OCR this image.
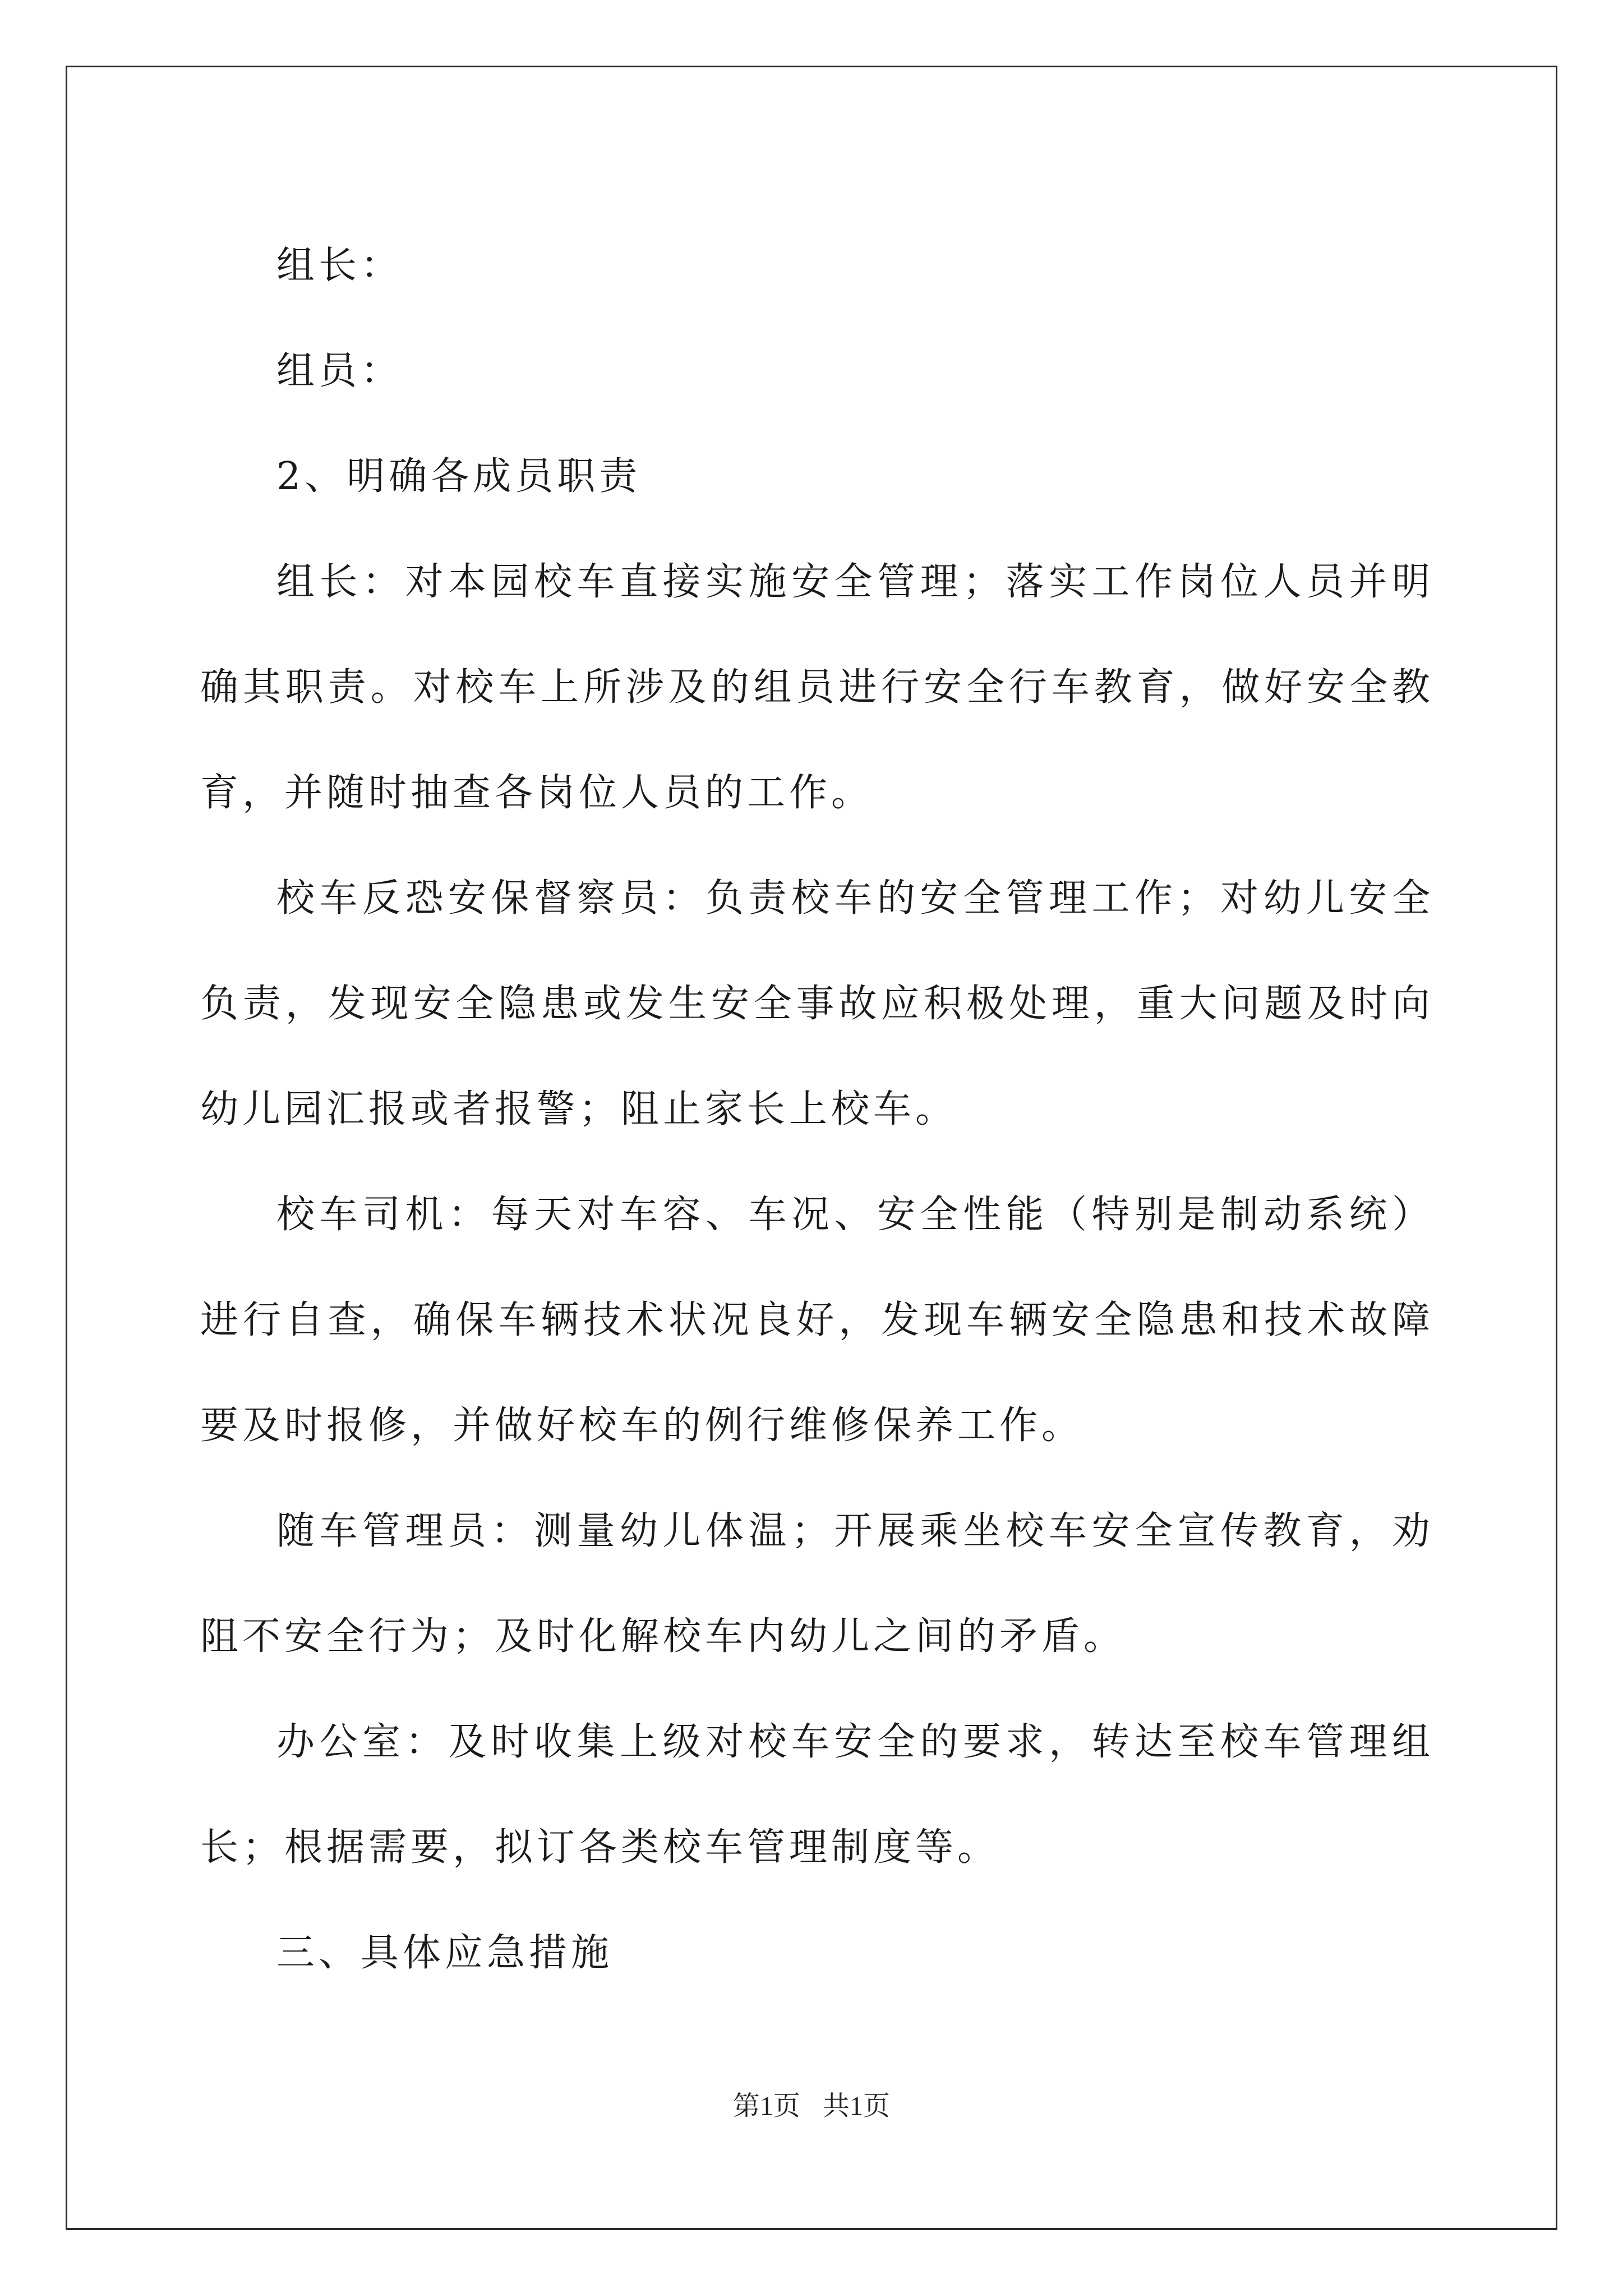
组长：

组员：

2、明确各成员职责

组长：对本园校车直接实施安全管理；落实工作岗位人员并明确其职责。对校车上所涉及的组员进行安全行车教育，做好安全教育，并随时抽查各岗位人员的工作。

校车反恐安保督察员：负责校车的安全管理工作；对幼儿安全负责，发现安全隐患或发生安全事故应积极处理，重大问题及时向幼儿园汇报或者报警；阻止家长上校车。

校车司机：每天对车容、车况、安全性能（特别是制动系统）进行自查，确保车辆技术状况良好，发现车辆安全隐患和技术故障要及时报修，并做好校车的例行维修保养工作。

随车管理员：测量幼儿体温；开展乘坐校车安全宣传教育，劝阻不安全行为；及时化解校车内幼儿之间的矛盾。

办公室：及时收集上级对校车安全的要求，转达至校车管理组长；根据需要，拟订各类校车管理制度等。

三、具体应急措施

第1页 共1页
